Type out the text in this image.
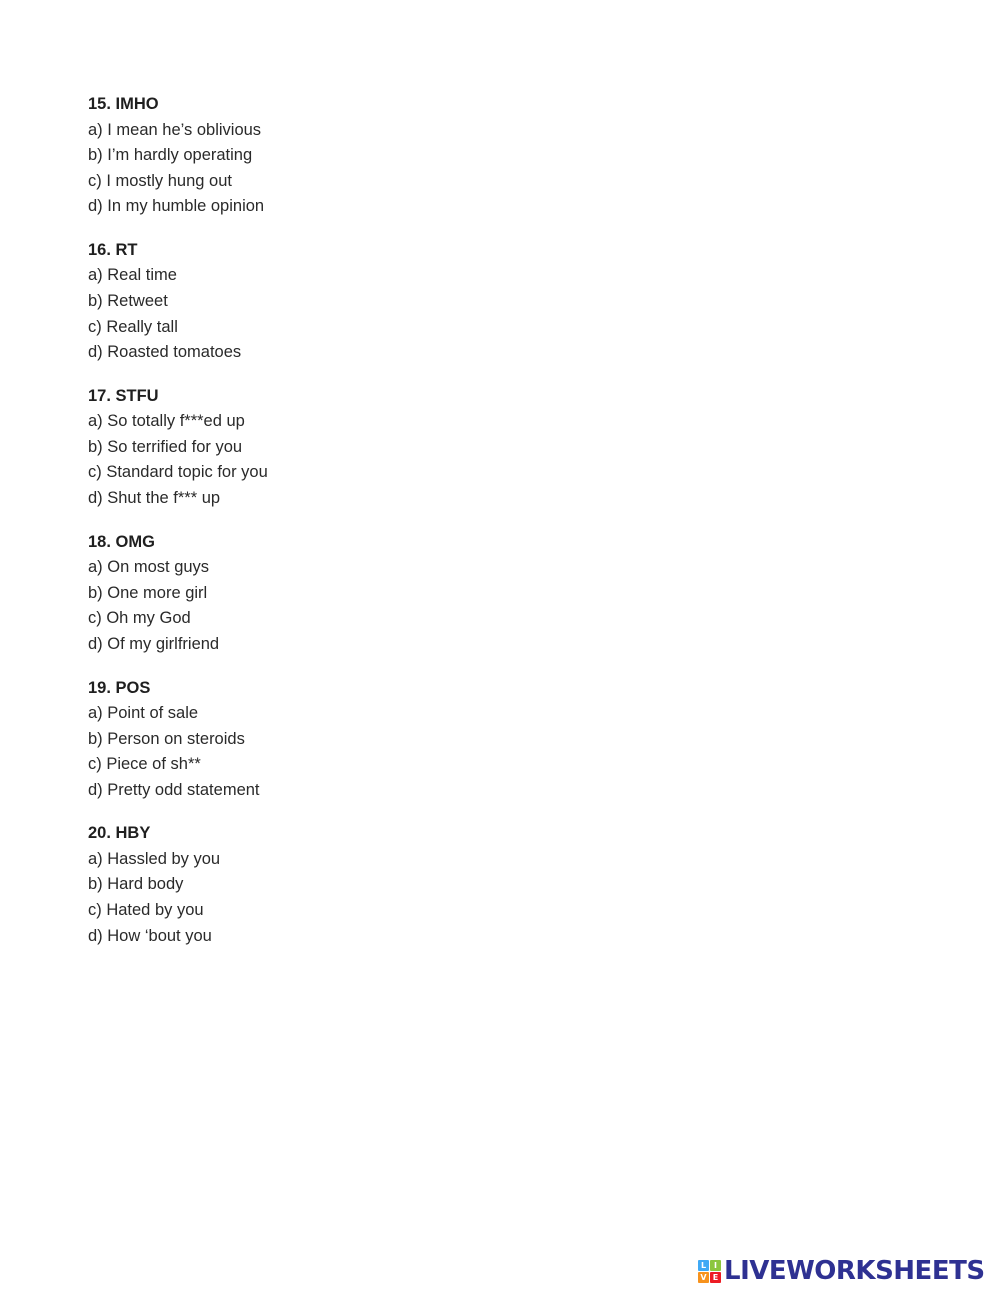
15. IMHO

a) I mean he’s oblivious

b) I’m hardly operating

c) I mostly hung out

d) In my humble opinion

16. RT

a) Real time

b) Retweet

c) Really tall

d) Roasted tomatoes

17. STFU

a) So totally f***ed up

b) So terrified for you

c) Standard topic for you

d) Shut the f*** up

18. OMG

a) On most guys

b) One more girl

c) Oh my God

d) Of my girlfriend

19. POS

a) Point of sale

b) Person on steroids

c) Piece of sh**

d) Pretty odd statement

20. HBY

a) Hassled by you

b) Hard body

c) Hated by you

d) How ‘bout you

L I
V E LIVEWORKSHEETS
